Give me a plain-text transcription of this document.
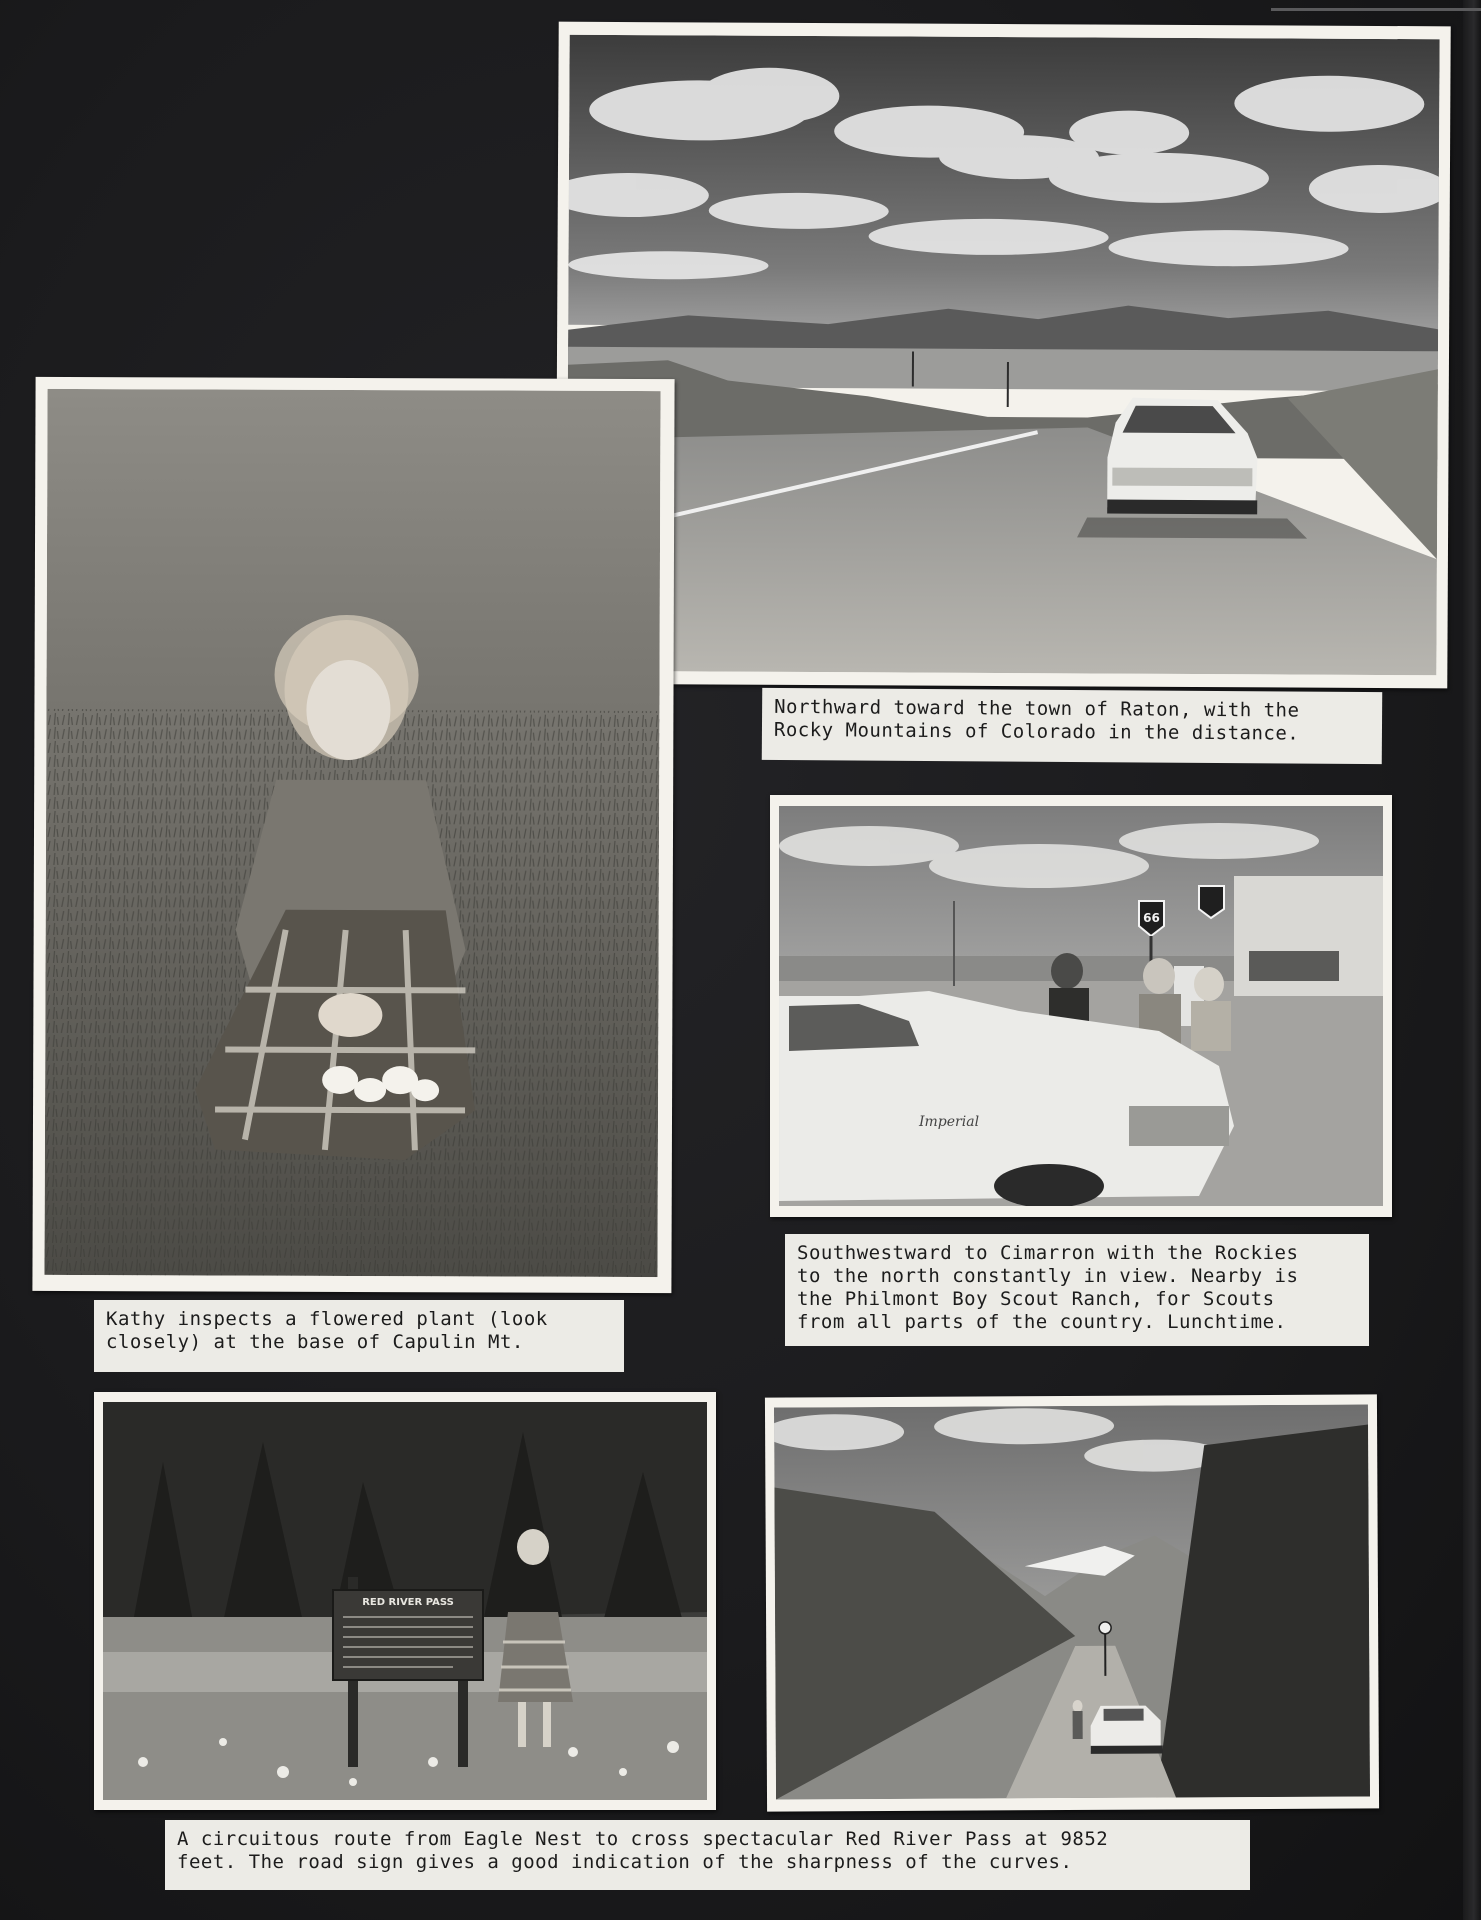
Northward toward the town of Raton, with the
Rocky Mountains of Colorado in the distance.
Kathy inspects a flowered plant (look
closely) at the base of Capulin Mt.
66
Imperial
Southwestward to Cimarron with the Rockies
to the north constantly in view. Nearby is
the Philmont Boy Scout Ranch, for Scouts
from all parts of the country. Lunchtime.
RED RIVER PASS
A circuitous route from Eagle Nest to cross spectacular Red River Pass at 9852
feet. The road sign gives a good indication of the sharpness of the curves.
